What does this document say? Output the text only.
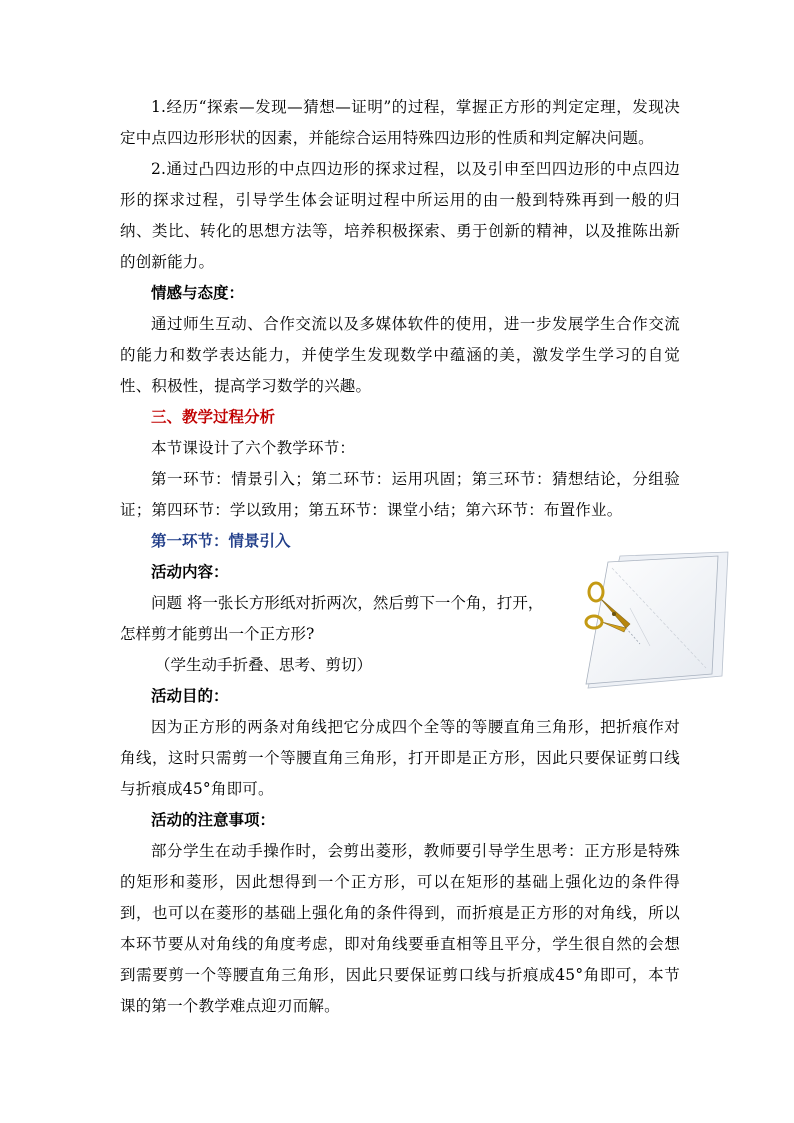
1.经历“探索—发现—猜想—证明”的过程，掌握正方形的判定定理，发现决定中点四边形形状的因素，并能综合运用特殊四边形的性质和判定解决问题。

2.通过凸四边形的中点四边形的探求过程，以及引申至凹四边形的中点四边形的探求过程，引导学生体会证明过程中所运用的由一般到特殊再到一般的归纳、类比、转化的思想方法等，培养积极探索、勇于创新的精神，以及推陈出新的创新能力。

情感与态度：

通过师生互动、合作交流以及多媒体软件的使用，进一步发展学生合作交流的能力和数学表达能力，并使学生发现数学中蕴涵的美，激发学生学习的自觉性、积极性，提高学习数学的兴趣。

三、教学过程分析

本节课设计了六个教学环节：

第一环节：情景引入；第二环节：运用巩固；第三环节：猜想结论，分组验证；第四环节：学以致用；第五环节：课堂小结；第六环节：布置作业。

第一环节：情景引入

活动内容：

问题 将一张长方形纸对折两次，然后剪下一个角，打开，

怎样剪才能剪出一个正方形?

（学生动手折叠、思考、剪切）

活动目的：

因为正方形的两条对角线把它分成四个全等的等腰直角三角形，把折痕作对角线，这时只需剪一个等腰直角三角形，打开即是正方形，因此只要保证剪口线与折痕成45°角即可。

活动的注意事项：

部分学生在动手操作时，会剪出菱形，教师要引导学生思考：正方形是特殊的矩形和菱形，因此想得到一个正方形，可以在矩形的基础上强化边的条件得到，也可以在菱形的基础上强化角的条件得到，而折痕是正方形的对角线，所以本环节要从对角线的角度考虑，即对角线要垂直相等且平分，学生很自然的会想到需要剪一个等腰直角三角形，因此只要保证剪口线与折痕成45°角即可，本节课的第一个教学难点迎刃而解。
